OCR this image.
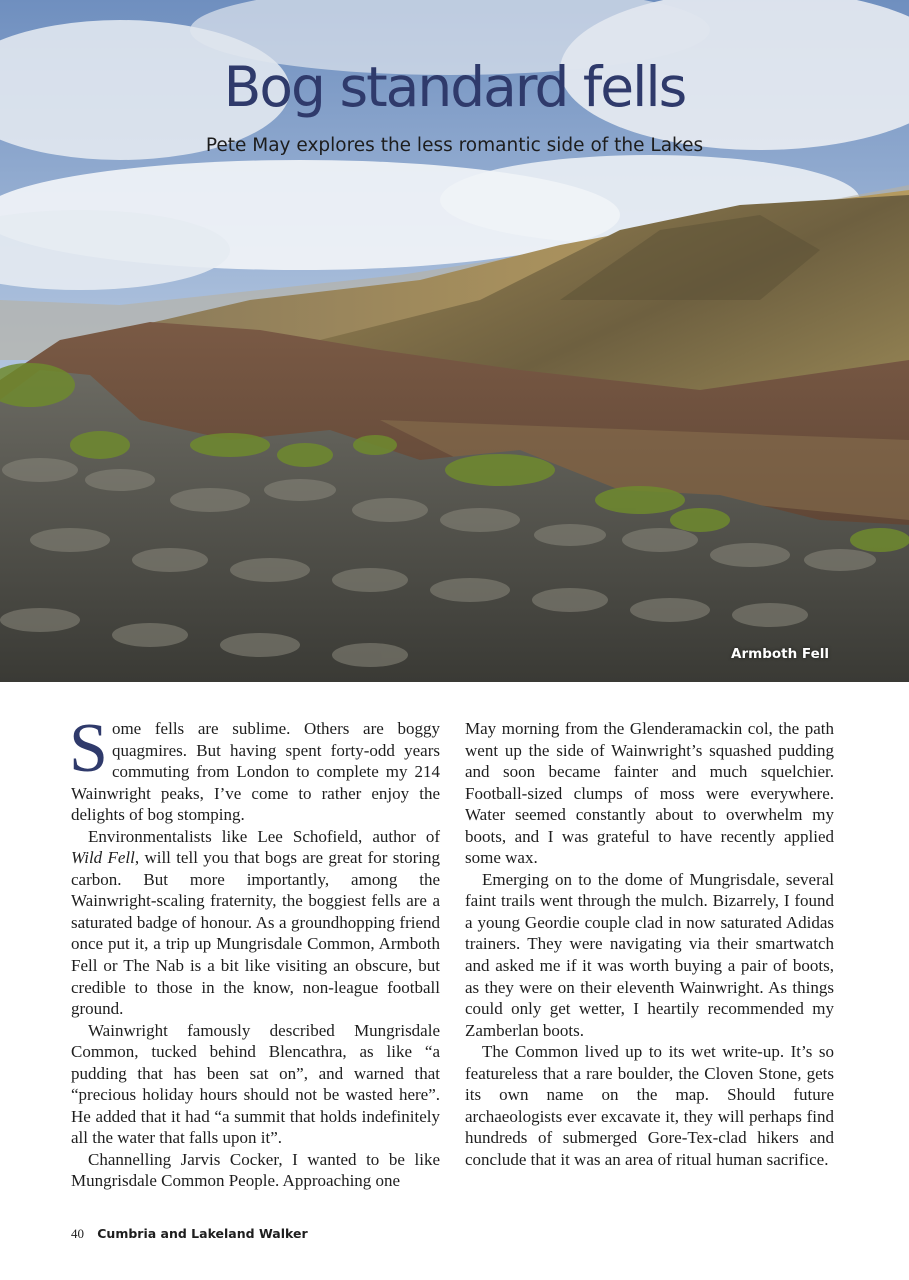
Bog standard fells

Pete May explores the less romantic side of the Lakes

Armboth Fell

Some fells are sublime. Others are boggy quagmires. But having spent forty-odd years commuting from London to complete my 214 Wainwright peaks, I’ve come to rather enjoy the delights of bog stomping.

Environmentalists like Lee Schofield, author of Wild Fell, will tell you that bogs are great for storing carbon. But more importantly, among the Wainwright-scaling fraternity, the boggiest fells are a saturated badge of honour. As a groundhopping friend once put it, a trip up Mungrisdale Common, Armboth Fell or The Nab is a bit like visiting an obscure, but credible to those in the know, non-league football ground.

Wainwright famously described Mungrisdale Common, tucked behind Blencathra, as like “a pudding that has been sat on”, and warned that “precious holiday hours should not be wasted here”. He added that it had “a summit that holds indefinitely all the water that falls upon it”.

Channelling Jarvis Cocker, I wanted to be like Mungrisdale Common People. Approaching one

May morning from the Glenderamackin col, the path went up the side of Wainwright’s squashed pudding and soon became fainter and much squelchier. Football-sized clumps of moss were everywhere. Water seemed constantly about to overwhelm my boots, and I was grateful to have recently applied some wax.

Emerging on to the dome of Mungrisdale, several faint trails went through the mulch. Bizarrely, I found a young Geordie couple clad in now saturated Adidas trainers. They were navigating via their smartwatch and asked me if it was worth buying a pair of boots, as they were on their eleventh Wainwright. As things could only get wetter, I heartily recommended my Zamberlan boots.

The Common lived up to its wet write-up. It’s so featureless that a rare boulder, the Cloven Stone, gets its own name on the map. Should future archaeologists ever excavate it, they will perhaps find hundreds of submerged Gore-Tex-clad hikers and conclude that it was an area of ritual human sacrifice.

40 Cumbria and Lakeland Walker
